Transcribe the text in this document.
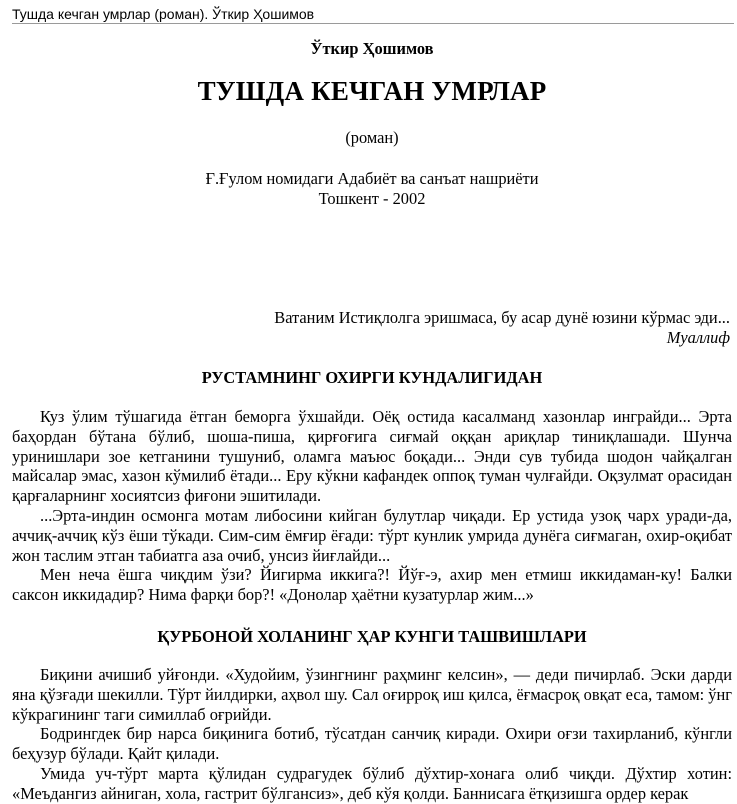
Тушда кечган умрлар (роман). Ўткир Ҳошимов
Ўткир Ҳошимов
ТУШДА КЕЧГАН УМРЛАР
(роман)
Ғ.Ғулом номидаги Адабиёт ва санъат нашриёти
Тошкент - 2002
Ватаним Истиқлолга эришмаса, бу асар дунё юзини кўрмас эди...
Муаллиф
РУСТАМНИНГ ОХИРГИ КУНДАЛИГИДАН

Куз ўлим тўшагида ётган беморга ўхшайди. Оёқ остида касалманд хазонлар инграйди... Эрта баҳордан бўтана бўлиб, шоша-пиша, қирғоғига сиғмай оққан ариқлар тиниқлашади. Шунча уринишлари зое кетганини тушуниб, оламга маъюс боқади... Энди сув тубида шодон чайқалган майсалар эмас, хазон кўмилиб ётади... Еру кўкни кафандек оппоқ туман чулғайди. Оқзулмат орасидан қарғаларнинг хосиятсиз фиғони эшитилади.

...Эрта-индин осмонга мотам либосини кийган булутлар чиқади. Ер устида узоқ чарх уради-да, аччиқ-аччиқ кўз ёши тўкади. Сим-сим ёмғир ёғади: тўрт кунлик умрида дунёга сиғмаган, охир-оқибат жон таслим этган табиатга аза очиб, унсиз йиғлайди...

Мен неча ёшга чиқдим ўзи? Йигирма иккига?! Йўғ-э, ахир мен етмиш иккидаман-ку! Балки саксон иккидадир? Нима фарқи бор?! «Донолар ҳаётни кузатурлар жим...»

ҚУРБОНОЙ ХОЛАНИНГ ҲАР КУНГИ ТАШВИШЛАРИ

Биқини ачишиб уйғонди. «Худойим, ўзингнинг раҳминг келсин», — деди пичирлаб. Эски дарди яна қўзғади шекилли. Тўрт йилдирки, аҳвол шу. Сал оғирроқ иш қилса, ёғмасроқ овқат еса, тамом: ўнг кўкрагининг таги симиллаб оғрийди.

Бодрингдек бир нарса биқинига ботиб, тўсатдан санчиқ киради. Охири оғзи тахирланиб, кўнгли беҳузур бўлади. Қайт қилади.

Умида уч-тўрт марта қўлидан судрагудек бўлиб дўхтир-хонага олиб чиқди. Дўхтир хотин: «Меъдангиз айниган, хола, гастрит бўлгансиз», деб кўя қолди. Баннисага ётқизишга ордер керак
